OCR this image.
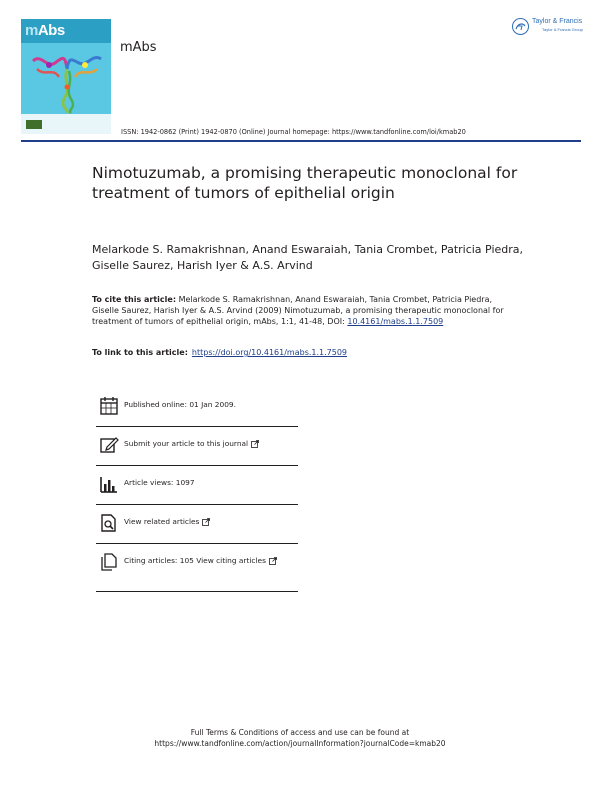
mAbs
mAbs
Taylor & Francis
Taylor & Francis Group
ISSN: 1942-0862 (Print) 1942-0870 (Online) Journal homepage: https://www.tandfonline.com/loi/kmab20
Nimotuzumab, a promising therapeutic monoclonal for treatment of tumors of epithelial origin
Melarkode S. Ramakrishnan, Anand Eswaraiah, Tania Crombet, Patricia Piedra, Giselle Saurez, Harish Iyer & A.S. Arvind
To cite this article: Melarkode S. Ramakrishnan, Anand Eswaraiah, Tania Crombet, Patricia Piedra, Giselle Saurez, Harish Iyer & A.S. Arvind (2009) Nimotuzumab, a promising therapeutic monoclonal for treatment of tumors of epithelial origin, mAbs, 1:1, 41-48, DOI: 10.4161/mabs.1.1.7509
To link to this article: https://doi.org/10.4161/mabs.1.1.7509
Published online: 01 Jan 2009.
Submit your article to this journal
Article views: 1097
View related articles
Citing articles: 105 View citing articles
Full Terms & Conditions of access and use can be found at
https://www.tandfonline.com/action/journalInformation?journalCode=kmab20
